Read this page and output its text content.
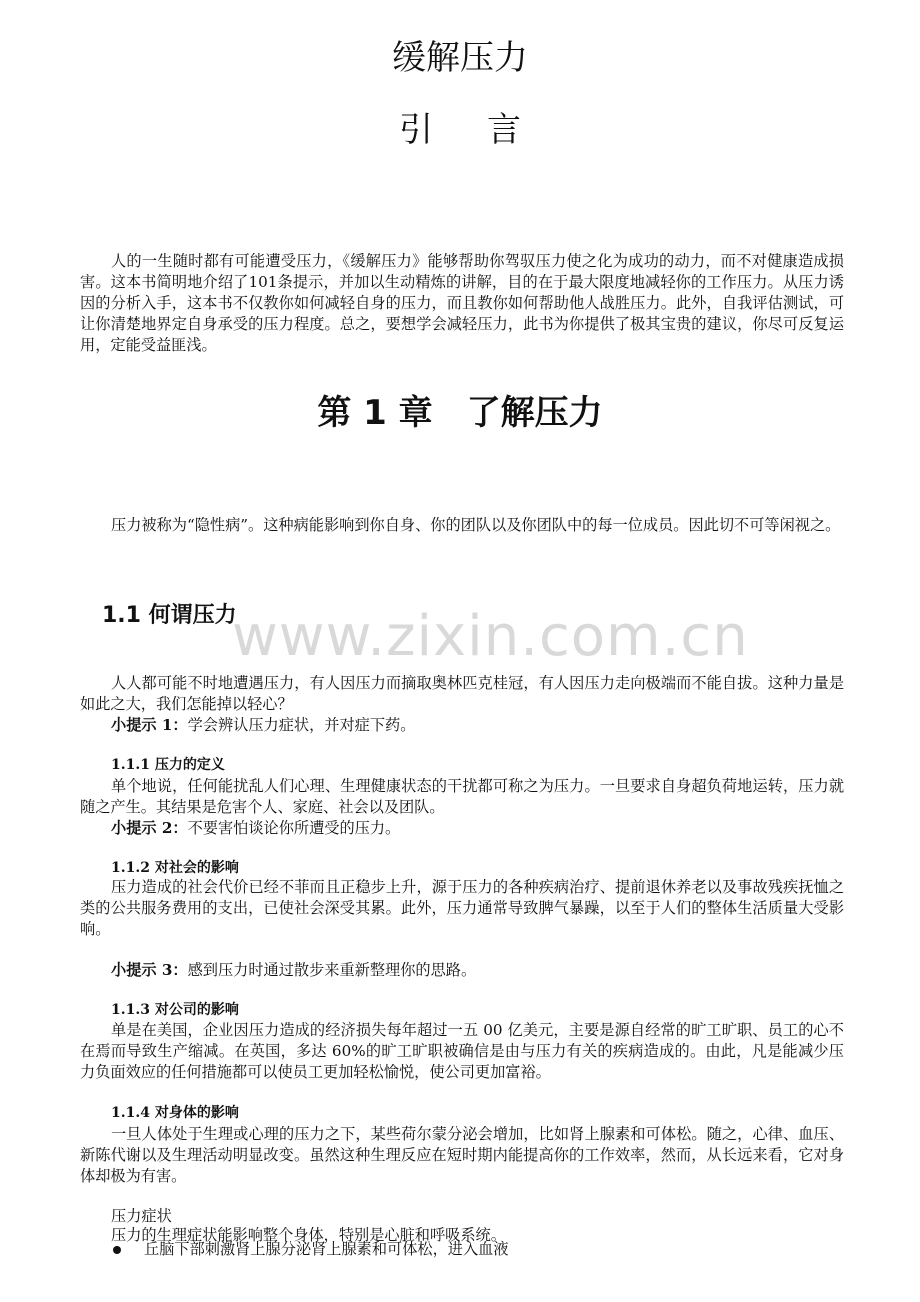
缓解压力
引言

人的一生随时都有可能遭受压力，《缓解压力》能够帮助你驾驭压力使之化为成功的动力，而不对健康造成损害。这本书简明地介绍了101条提示，并加以生动精炼的讲解，目的在于最大限度地减轻你的工作压力。从压力诱因的分析入手，这本书不仅教你如何减轻自身的压力，而且教你如何帮助他人战胜压力。此外，自我评估测试，可让你清楚地界定自身承受的压力程度。总之，要想学会减轻压力，此书为你提供了极其宝贵的建议，你尽可反复运用，定能受益匪浅。

第 1 章　了解压力

压力被称为“隐性病”。这种病能影响到你自身、你的团队以及你团队中的每一位成员。因此切不可等闲视之。

1.1 何谓压力
www.zixin.com.cn

人人都可能不时地遭遇压力，有人因压力而摘取奥林匹克桂冠，有人因压力走向极端而不能自拔。这种力量是如此之大，我们怎能掉以轻心？

小提示 1：学会辨认压力症状，并对症下药。

1.1.1 压力的定义

单个地说，任何能扰乱人们心理、生理健康状态的干扰都可称之为压力。一旦要求自身超负荷地运转，压力就随之产生。其结果是危害个人、家庭、社会以及团队。

小提示 2：不要害怕谈论你所遭受的压力。

1.1.2 对社会的影响

压力造成的社会代价已经不菲而且正稳步上升，源于压力的各种疾病治疗、提前退休养老以及事故残疾抚恤之类的公共服务费用的支出，已使社会深受其累。此外，压力通常导致脾气暴躁，以至于人们的整体生活质量大受影响。

小提示 3：感到压力时通过散步来重新整理你的思路。

1.1.3 对公司的影响

单是在美国，企业因压力造成的经济损失每年超过一五 00 亿美元，主要是源自经常的旷工旷职、员工的心不在焉而导致生产缩减。在英国，多达 60%的旷工旷职被确信是由与压力有关的疾病造成的。由此，凡是能减少压力负面效应的任何措施都可以使员工更加轻松愉悦，使公司更加富裕。

1.1.4 对身体的影响

一旦人体处于生理或心理的压力之下，某些荷尔蒙分泌会增加，比如肾上腺素和可体松。随之，心律、血压、新陈代谢以及生理活动明显改变。虽然这种生理反应在短时期内能提高你的工作效率，然而，从长远来看，它对身体却极为有害。

压力症状

压力的生理症状能影响整个身体，特别是心脏和呼吸系统。

丘脑下部刺激肾上腺分泌肾上腺素和可体松，进入血液
